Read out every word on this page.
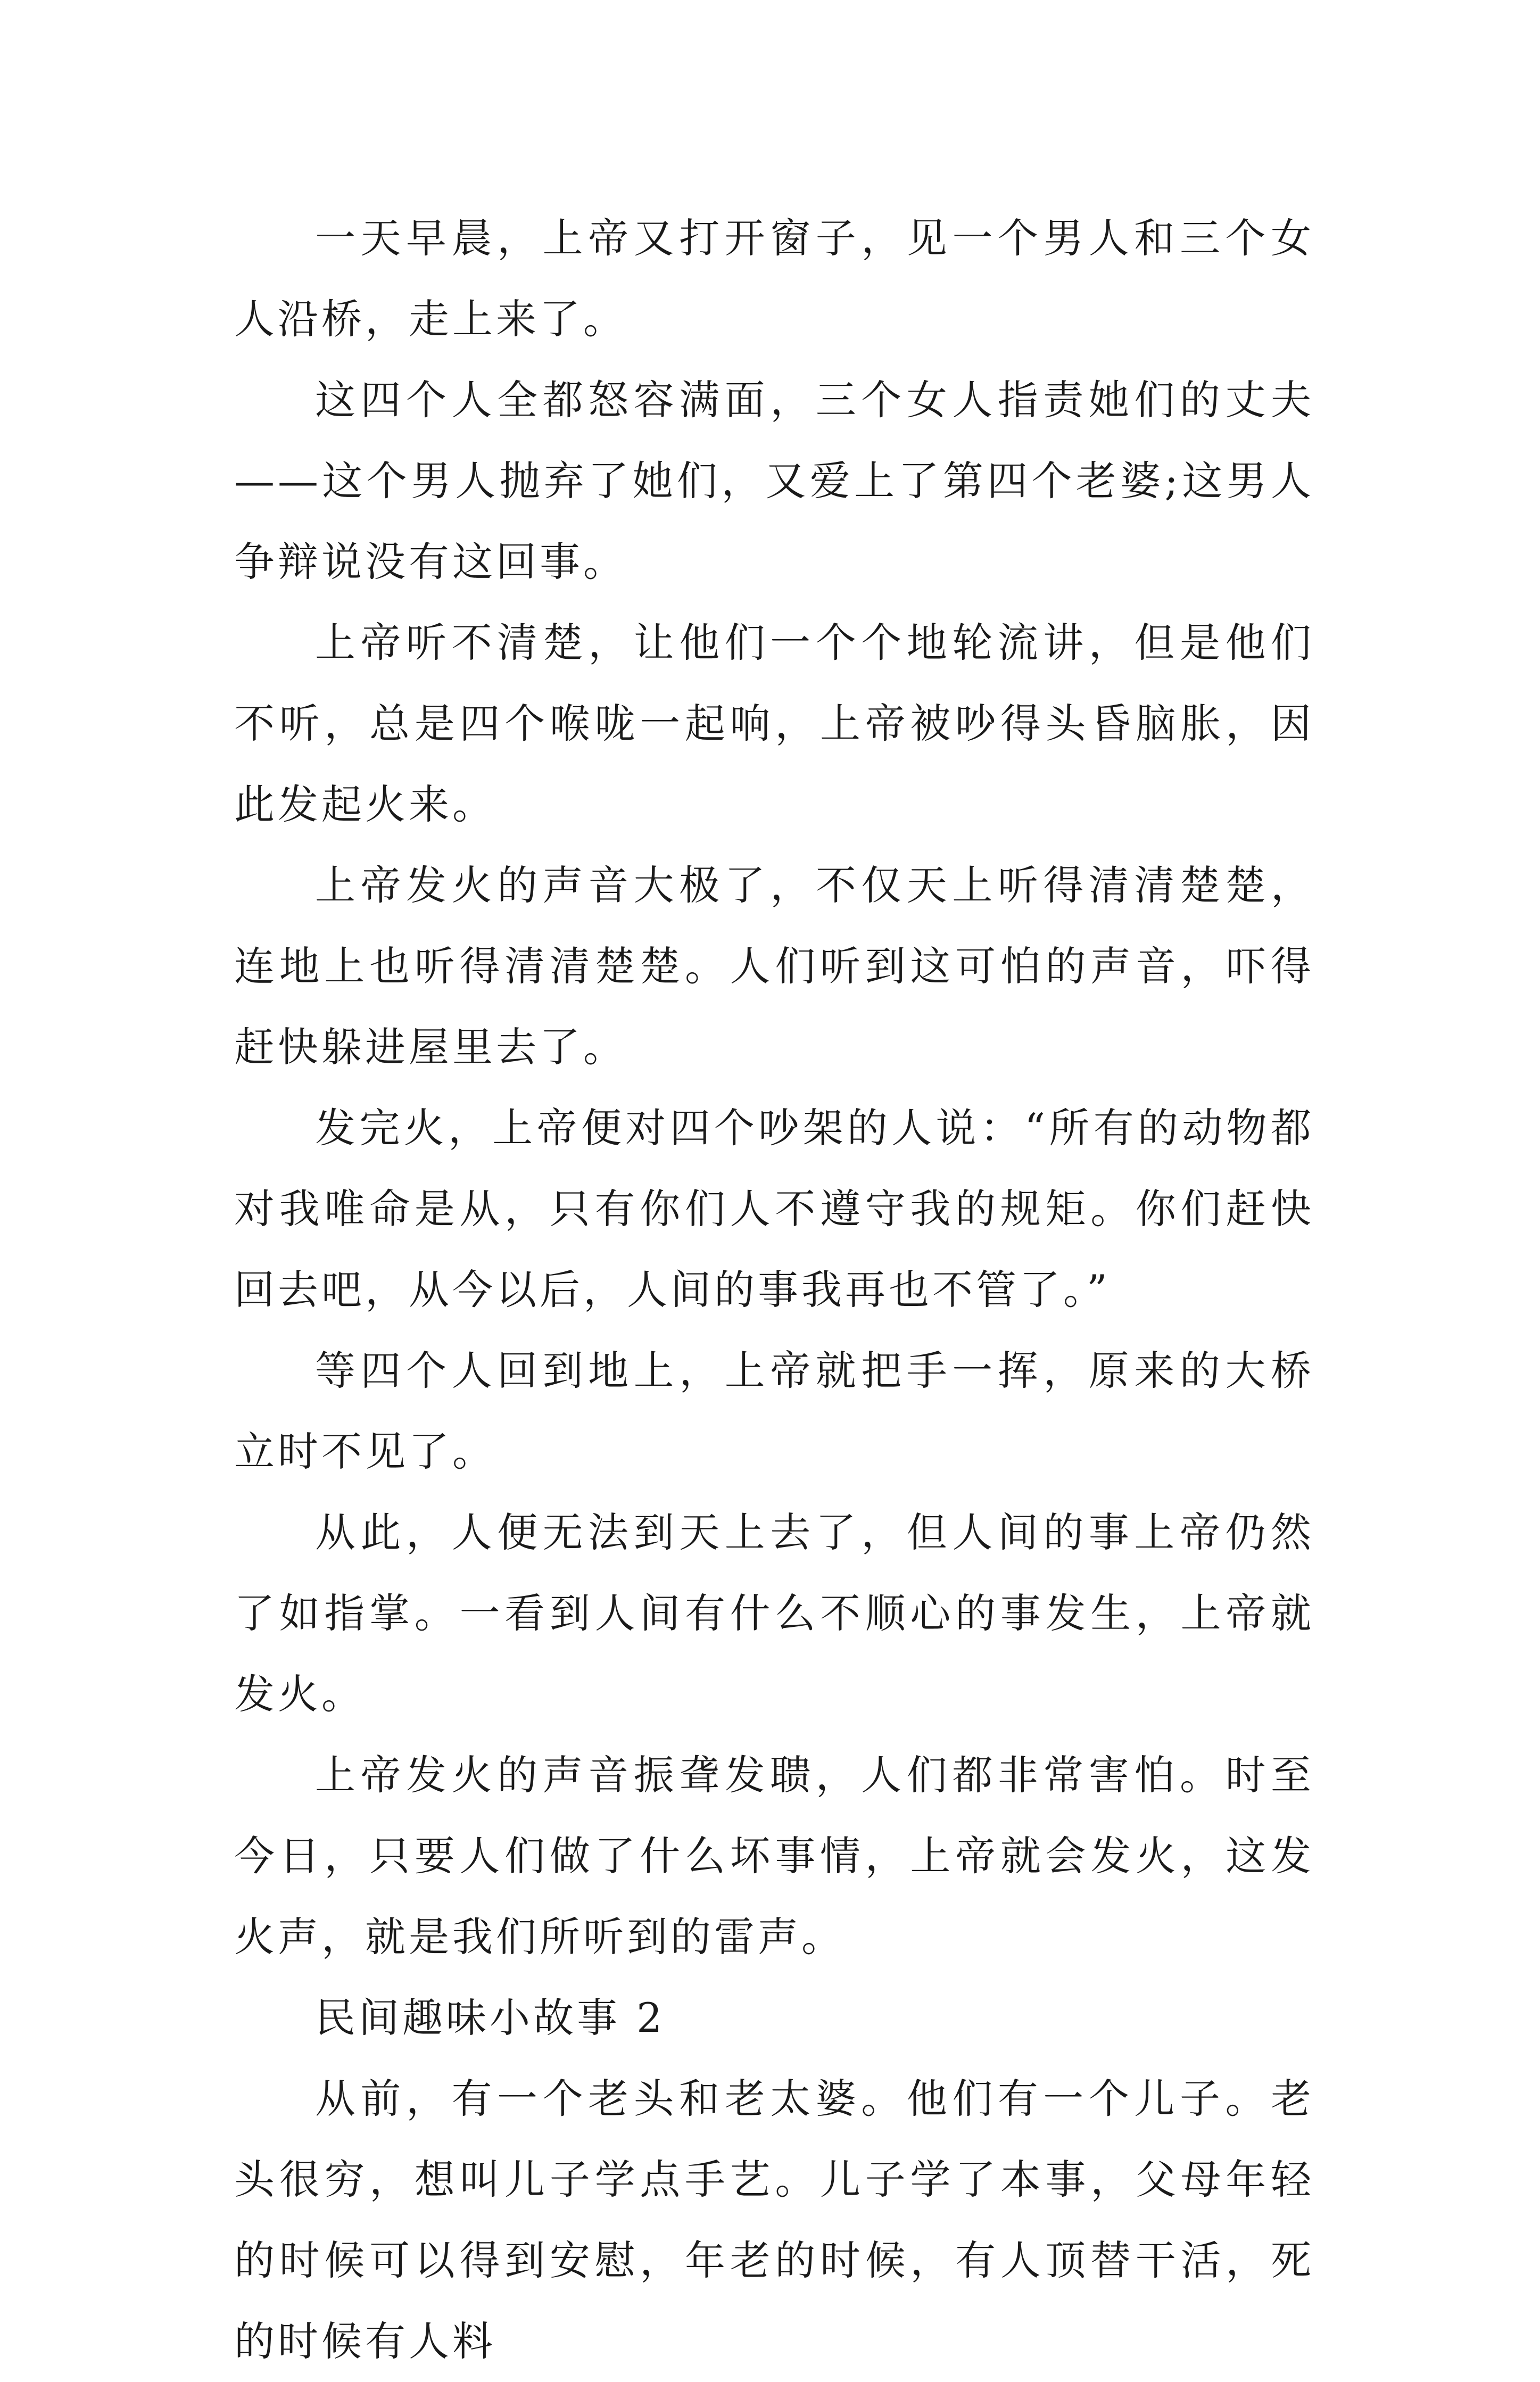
一天早晨，上帝又打开窗子，见一个男人和三个女人沿桥，走上来了。

这四个人全都怒容满面，三个女人指责她们的丈夫——这个男人抛弃了她们，又爱上了第四个老婆;这男人争辩说没有这回事。

上帝听不清楚，让他们一个个地轮流讲，但是他们不听，总是四个喉咙一起响，上帝被吵得头昏脑胀，因此发起火来。

上帝发火的声音大极了，不仅天上听得清清楚楚，连地上也听得清清楚楚。人们听到这可怕的声音，吓得赶快躲进屋里去了。

发完火，上帝便对四个吵架的人说：“所有的动物都对我唯命是从，只有你们人不遵守我的规矩。你们赶快回去吧，从今以后，人间的事我再也不管了。”

等四个人回到地上，上帝就把手一挥，原来的大桥立时不见了。

从此，人便无法到天上去了，但人间的事上帝仍然了如指掌。一看到人间有什么不顺心的事发生，上帝就发火。

上帝发火的声音振聋发聩，人们都非常害怕。时至今日，只要人们做了什么坏事情，上帝就会发火，这发火声，就是我们所听到的雷声。

民间趣味小故事 2

从前，有一个老头和老太婆。他们有一个儿子。老头很穷，想叫儿子学点手艺。儿子学了本事，父母年轻的时候可以得到安慰，年老的时候，有人顶替干活，死的时候有人料
